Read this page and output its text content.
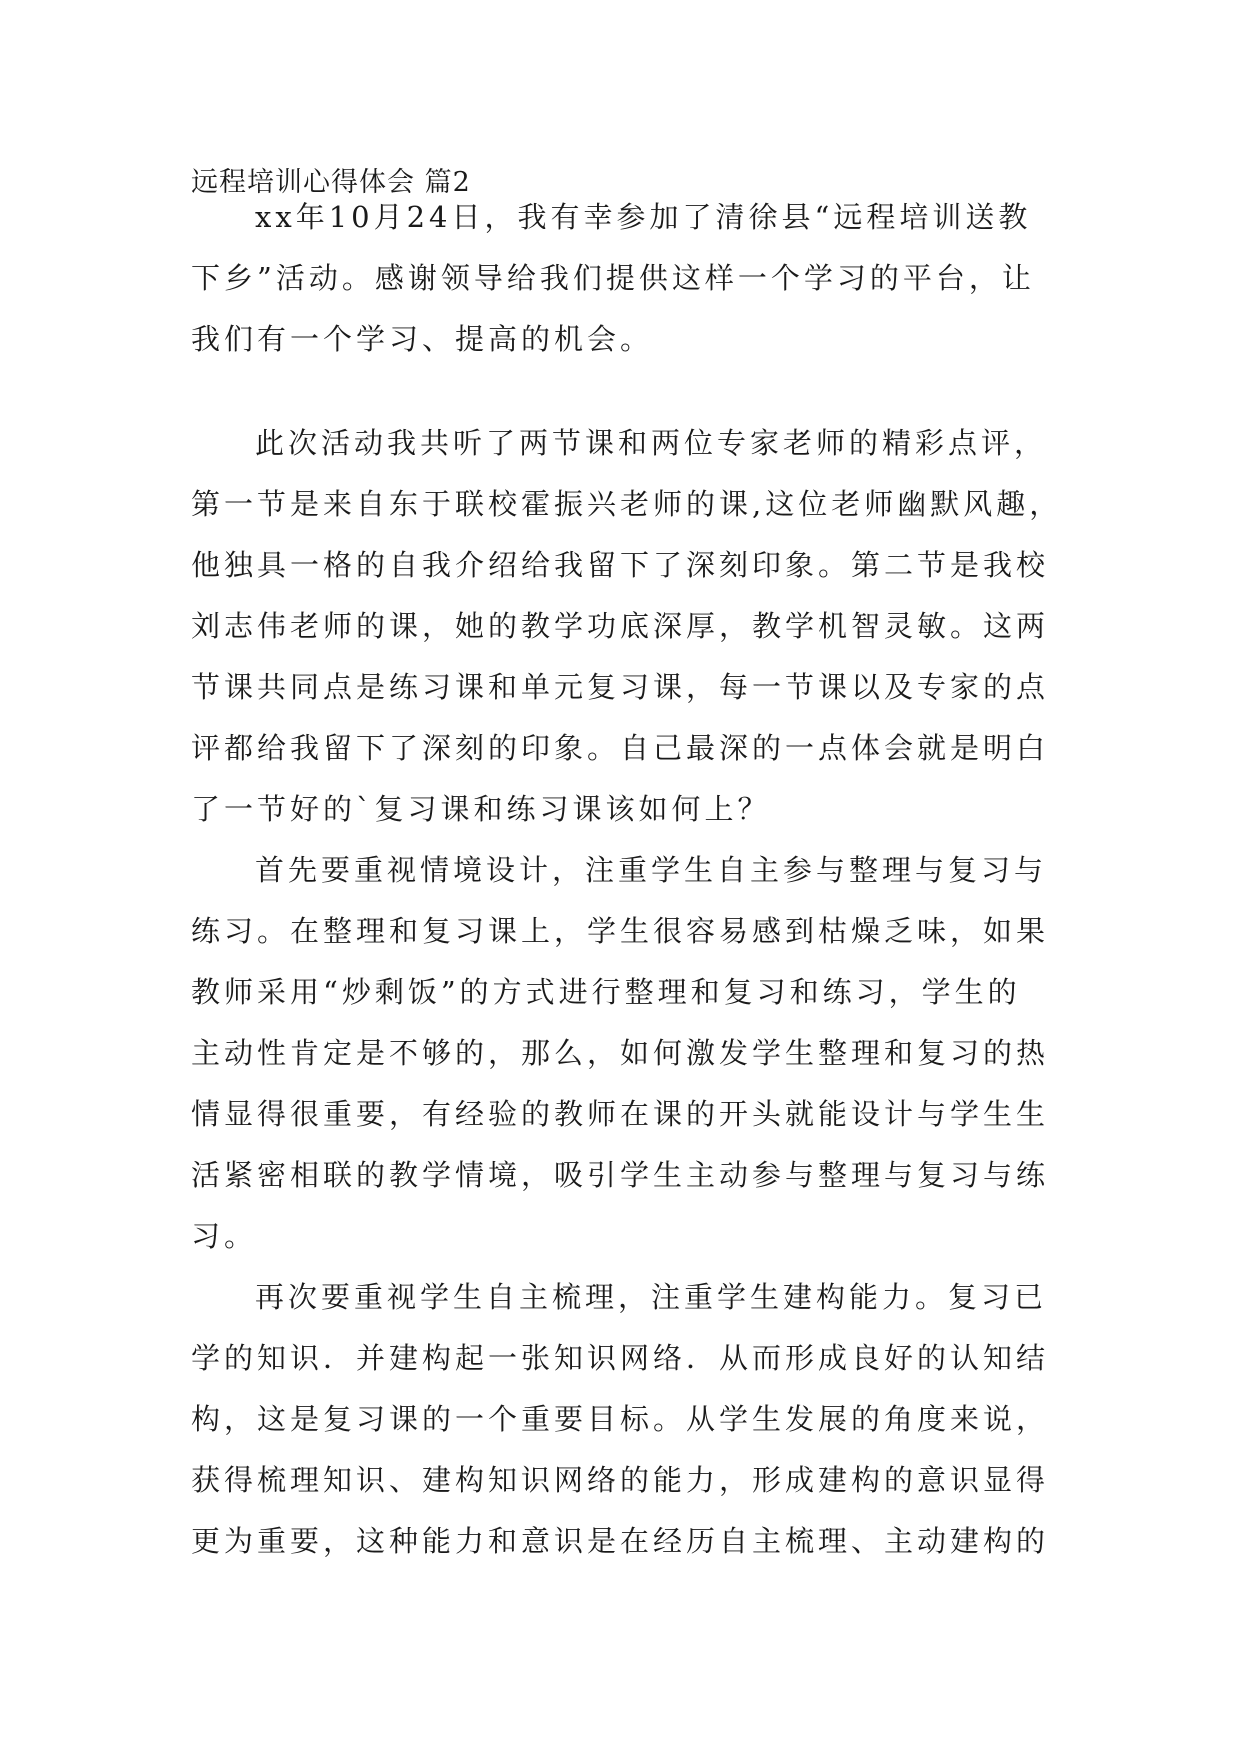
远程培训心得体会 篇2
xx年10月24日，我有幸参加了清徐县“远程培训送教
下乡”活动。感谢领导给我们提供这样一个学习的平台，让
我们有一个学习、提高的机会。
此次活动我共听了两节课和两位专家老师的精彩点评，
第一节是来自东于联校霍振兴老师的课,这位老师幽默风趣，
他独具一格的自我介绍给我留下了深刻印象。第二节是我校
刘志伟老师的课，她的教学功底深厚，教学机智灵敏。这两
节课共同点是练习课和单元复习课，每一节课以及专家的点
评都给我留下了深刻的印象。自己最深的一点体会就是明白
了一节好的`复习课和练习课该如何上？
首先要重视情境设计，注重学生自主参与整理与复习与
练习。在整理和复习课上，学生很容易感到枯燥乏味，如果
教师采用“炒剩饭”的方式进行整理和复习和练习，学生的
主动性肯定是不够的，那么，如何激发学生整理和复习的热
情显得很重要，有经验的教师在课的开头就能设计与学生生
活紧密相联的教学情境，吸引学生主动参与整理与复习与练
习。
再次要重视学生自主梳理，注重学生建构能力。复习已
学的知识．并建构起一张知识网络．从而形成良好的认知结
构，这是复习课的一个重要目标。从学生发展的角度来说，
获得梳理知识、建构知识网络的能力，形成建构的意识显得
更为重要，这种能力和意识是在经历自主梳理、主动建构的
